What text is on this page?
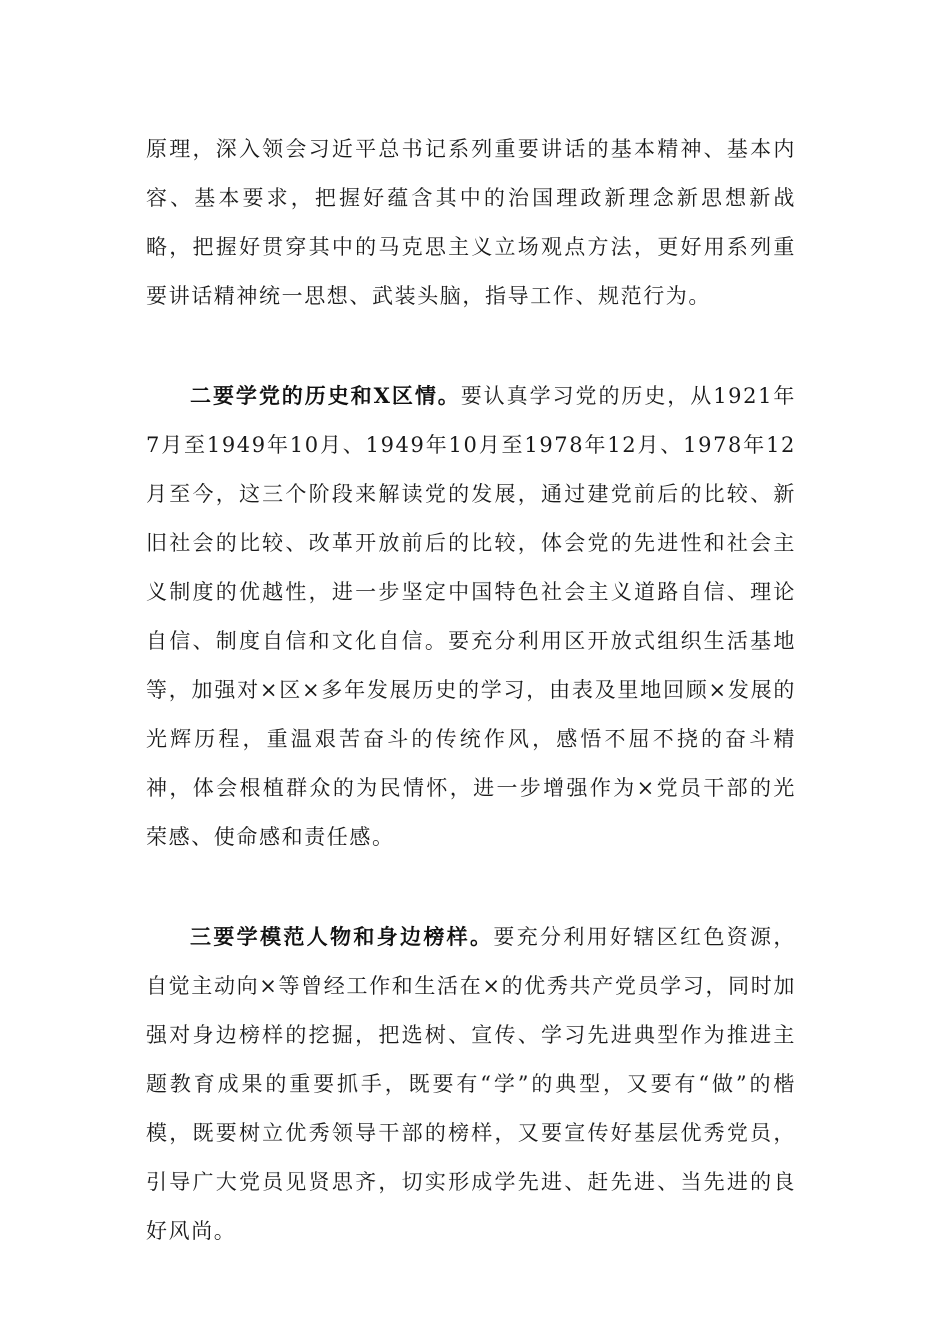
原理，深入领会习近平总书记系列重要讲话的基本精神、基本内容、基本要求，把握好蕴含其中的治国理政新理念新思想新战略，把握好贯穿其中的马克思主义立场观点方法，更好用系列重要讲话精神统一思想、武装头脑，指导工作、规范行为。

二要学党的历史和X区情。要认真学习党的历史，从1921年7月至1949年10月、1949年10月至1978年12月、1978年12月至今，这三个阶段来解读党的发展，通过建党前后的比较、新旧社会的比较、改革开放前后的比较，体会党的先进性和社会主义制度的优越性，进一步坚定中国特色社会主义道路自信、理论自信、制度自信和文化自信。要充分利用区开放式组织生活基地等，加强对×区×多年发展历史的学习，由表及里地回顾×发展的光辉历程，重温艰苦奋斗的传统作风，感悟不屈不挠的奋斗精神，体会根植群众的为民情怀，进一步增强作为×党员干部的光荣感、使命感和责任感。

三要学模范人物和身边榜样。要充分利用好辖区红色资源，自觉主动向×等曾经工作和生活在×的优秀共产党员学习，同时加强对身边榜样的挖掘，把选树、宣传、学习先进典型作为推进主题教育成果的重要抓手，既要有“学”的典型，又要有“做”的楷模，既要树立优秀领导干部的榜样，又要宣传好基层优秀党员，引导广大党员见贤思齐，切实形成学先进、赶先进、当先进的良好风尚。
